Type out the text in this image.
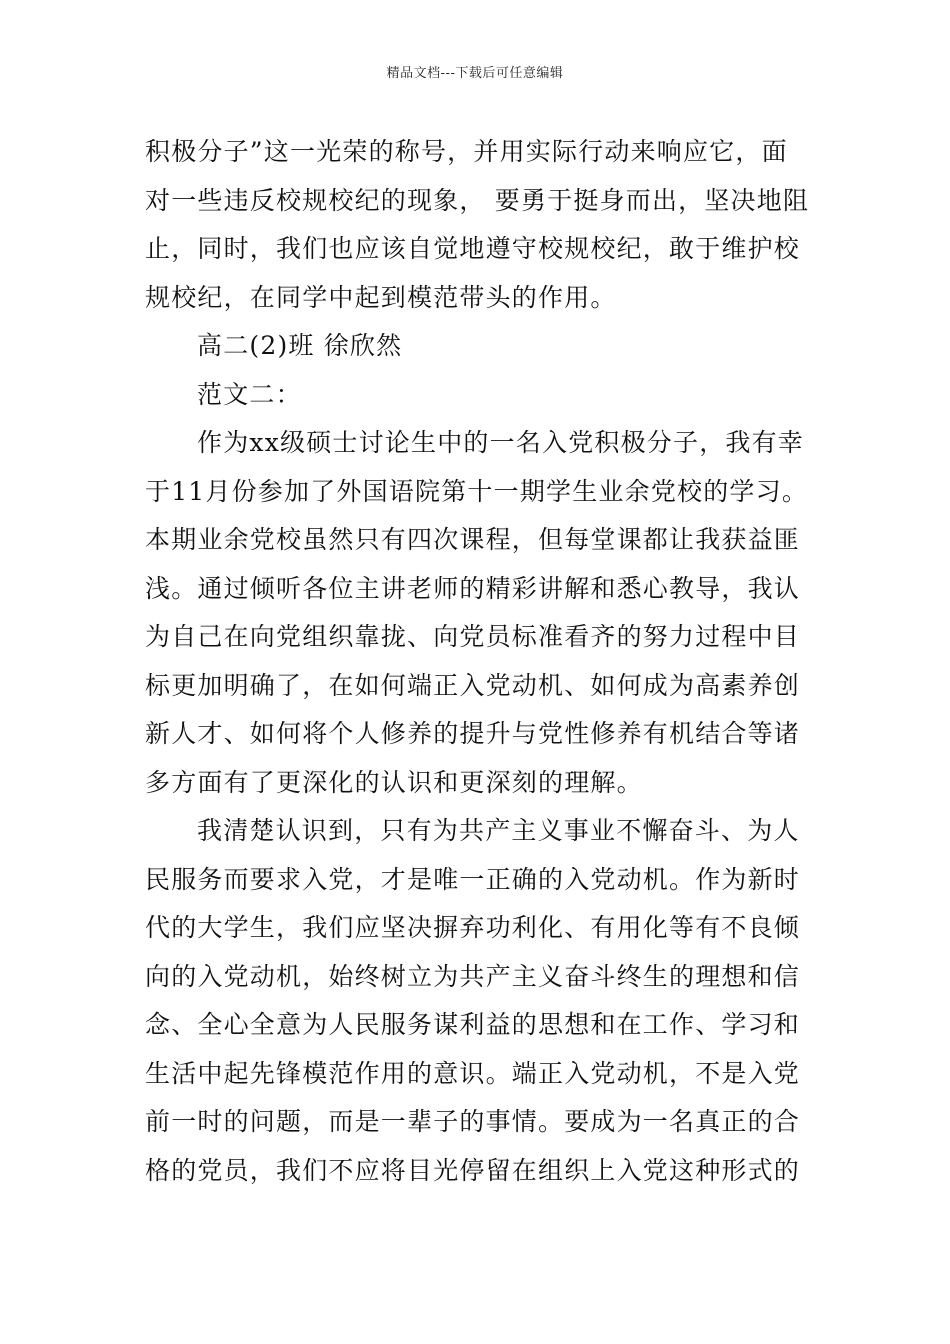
精品文档---下载后可任意编辑
积极分子”这一光荣的称号，并用实际行动来响应它，面
对一些违反校规校纪的现象， 要勇于挺身而出，坚决地阻
止，同时，我们也应该自觉地遵守校规校纪，敢于维护校
规校纪，在同学中起到模范带头的作用。
高二(2)班 徐欣然
范文二：
作为xx级硕士讨论生中的一名入党积极分子，我有幸
于11月份参加了外国语院第十一期学生业余党校的学习。
本期业余党校虽然只有四次课程，但每堂课都让我获益匪
浅。通过倾听各位主讲老师的精彩讲解和悉心教导，我认
为自己在向党组织靠拢、向党员标准看齐的努力过程中目
标更加明确了，在如何端正入党动机、如何成为高素养创
新人才、如何将个人修养的提升与党性修养有机结合等诸
多方面有了更深化的认识和更深刻的理解。
我清楚认识到，只有为共产主义事业不懈奋斗、为人
民服务而要求入党，才是唯一正确的入党动机。作为新时
代的大学生，我们应坚决摒弃功利化、有用化等有不良倾
向的入党动机，始终树立为共产主义奋斗终生的理想和信
念、全心全意为人民服务谋利益的思想和在工作、学习和
生活中起先锋模范作用的意识。端正入党动机，不是入党
前一时的问题，而是一辈子的事情。要成为一名真正的合
格的党员，我们不应将目光停留在组织上入党这种形式的
